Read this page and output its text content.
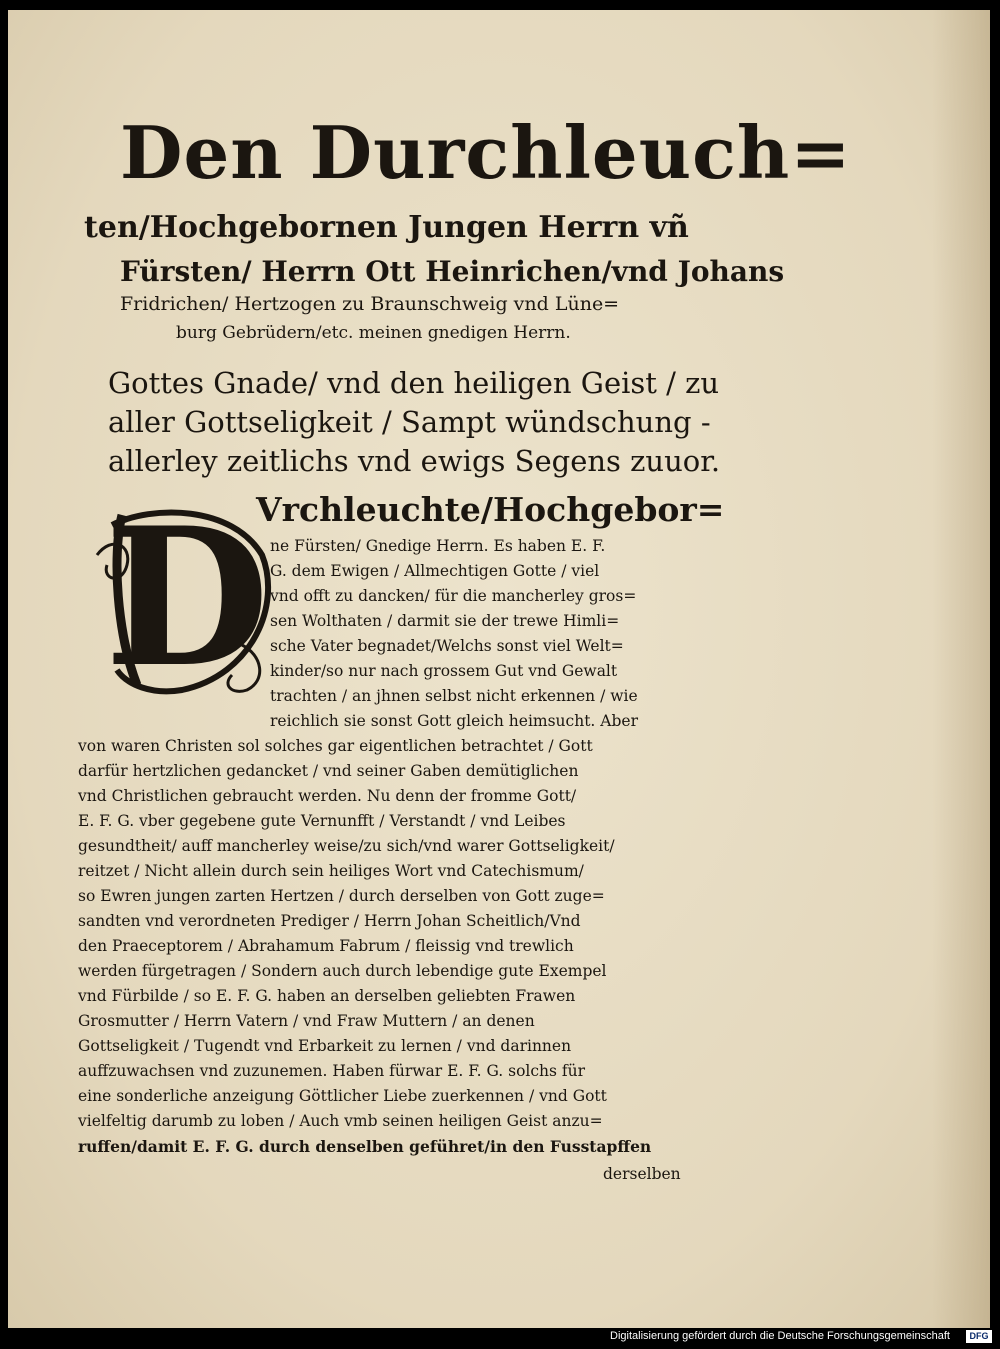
Den Durchleuch=
ten/Hochgebornen Jungen Herrn vñ
Fürsten/ Herrn Ott Heinrichen/vnd Johans
Fridrichen/ Hertzogen zu Braunschweig vnd Lüne=
burg Gebrüdern/etc. meinen gnedigen Herrn.
Gottes Gnade/ vnd den heiligen Geist / zu
aller Gottseligkeit / Sampt wündschung -
allerley zeitlichs vnd ewigs Segens zuuor.
D
Vrchleuchte/Hochgebor=
ne Fürsten/ Gnedige Herrn. Es haben E. F.
G. dem Ewigen / Allmechtigen Gotte / viel
vnd offt zu dancken/ für die mancherley gros=
sen Wolthaten / darmit sie der trewe Himli=
sche Vater begnadet/Welchs sonst viel Welt=
kinder/so nur nach grossem Gut vnd Gewalt
trachten / an jhnen selbst nicht erkennen / wie
reichlich sie sonst Gott gleich heimsucht. Aber
von waren Christen sol solches gar eigentlichen betrachtet / Gott
darfür hertzlichen gedancket / vnd seiner Gaben demütiglichen
vnd Christlichen gebraucht werden. Nu denn der fromme Gott/
E. F. G. vber gegebene gute Vernunfft / Verstandt / vnd Leibes
gesundtheit/ auff mancherley weise/zu sich/vnd warer Gottseligkeit/
reitzet / Nicht allein durch sein heiliges Wort vnd Catechismum/
so Ewren jungen zarten Hertzen / durch derselben von Gott zuge=
sandten vnd verordneten Prediger / Herrn Johan Scheitlich/Vnd
den Praeceptorem / Abrahamum Fabrum / fleissig vnd trewlich
werden fürgetragen / Sondern auch durch lebendige gute Exempel
vnd Fürbilde / so E. F. G. haben an derselben geliebten Frawen
Grosmutter / Herrn Vatern / vnd Fraw Muttern / an denen
Gottseligkeit / Tugendt vnd Erbarkeit zu lernen / vnd darinnen
auffzuwachsen vnd zuzunemen. Haben fürwar E. F. G. solchs für
eine sonderliche anzeigung Göttlicher Liebe zuerkennen / vnd Gott
vielfeltig darumb zu loben / Auch vmb seinen heiligen Geist anzu=
ruffen/damit E. F. G. durch denselben geführet/in den Fusstapffen
derselben
Digitalisierung gefördert durch die Deutsche Forschungsgemeinschaft	DFG
